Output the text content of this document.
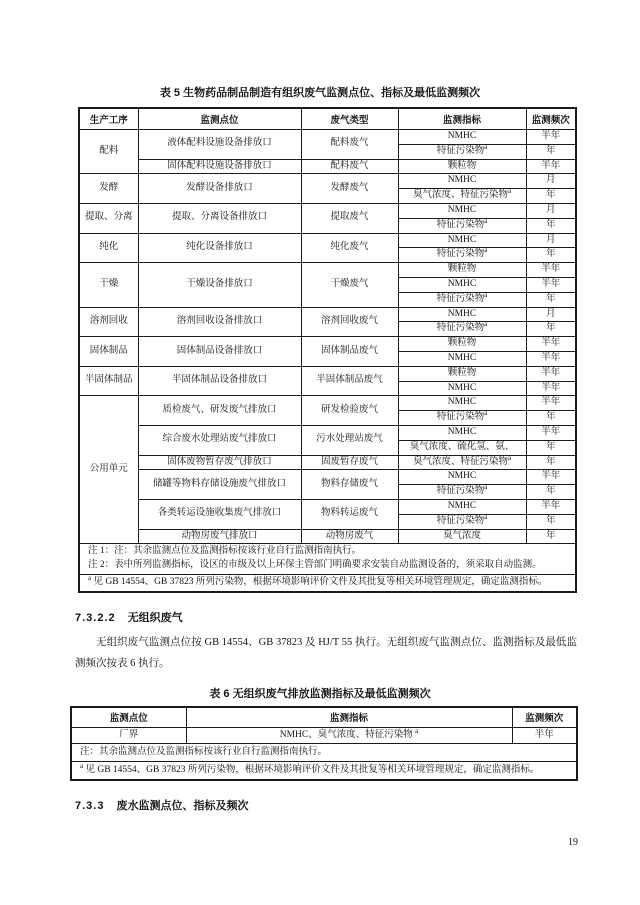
表 5 生物药品制品制造有组织废气监测点位、指标及最低监测频次
生产工序	监测点位	废气类型	监测指标	监测频次
配料	液体配料设施设备排放口	配料废气	NMHC	半年
			特征污染物$^a$	年
	固体配料设施设备排放口	配料废气	颗粒物	半年
发酵	发酵设备排放口	发酵废气	NMHC	月
			臭气浓度、特征污染物$^a$	年
提取、分离	提取、分离设备排放口	提取废气	NMHC	月
			特征污染物$^a$	年
纯化	纯化设备排放口	纯化废气	NMHC	月
			特征污染物$^a$	年
干燥	干燥设备排放口	干燥废气	颗粒物	半年
			NMHC	半年
			特征污染物$^a$	年
溶剂回收	溶剂回收设备排放口	溶剂回收废气	NMHC	月
			特征污染物$^a$	年
固体制品	固体制品设备排放口	固体制品废气	颗粒物	半年
			NMHC	半年
半固体制品	半固体制品设备排放口	半固体制品废气	颗粒物	半年
			NMHC	半年
公用单元	质检废气、研发废气排放口	研发检验废气	NMHC	半年
			特征污染物$^a$	年
	综合废水处理站废气排放口	污水处理站废气	NMHC	半年
			臭气浓度、硫化氢、氨、	年
	固体废物暂存废气排放口	固废暂存废气	臭气浓度、特征污染物$^a$	年
	储罐等物料存储设施废气排放口	物料存储废气	NMHC	半年
			特征污染物$^a$	年
	各类转运设施收集废气排放口	物料转运废气	NMHC	半年
			特征污染物$^a$	年
	动物房废气排放口	动物房废气	臭气浓度	年

注 1：注：其余监测点位及监测指标按该行业自行监测指南执行。
注 2：表中所列监测指标，设区的市级及以上环保主管部门明确要求安装自动监测设备的，须采取自动监测。				

$^a$ 见 GB 14554、GB 37823 所列污染物，根据环境影响评价文件及其批复等相关环境管理规定，确定监测指标。				
7.3.2.2 无组织废气

无组织废气监测点位按 GB 14554、GB 37823 及 HJ/T 55 执行。无组织废气监测点位、监测指标及最低监测频次按表 6 执行。

表 6 无组织废气排放监测指标及最低监测频次
监测点位	监测指标	监测频次
厂界	NMHC、臭气浓度、特征污染物 $^a$	半年
注：其余监测点位及监测指标按该行业自行监测指南执行。		
$^a$ 见 GB 14554、GB 37823 所列污染物，根据环境影响评价文件及其批复等相关环境管理规定，确定监测指标。		
7.3.3 废水监测点位、指标及频次
19
